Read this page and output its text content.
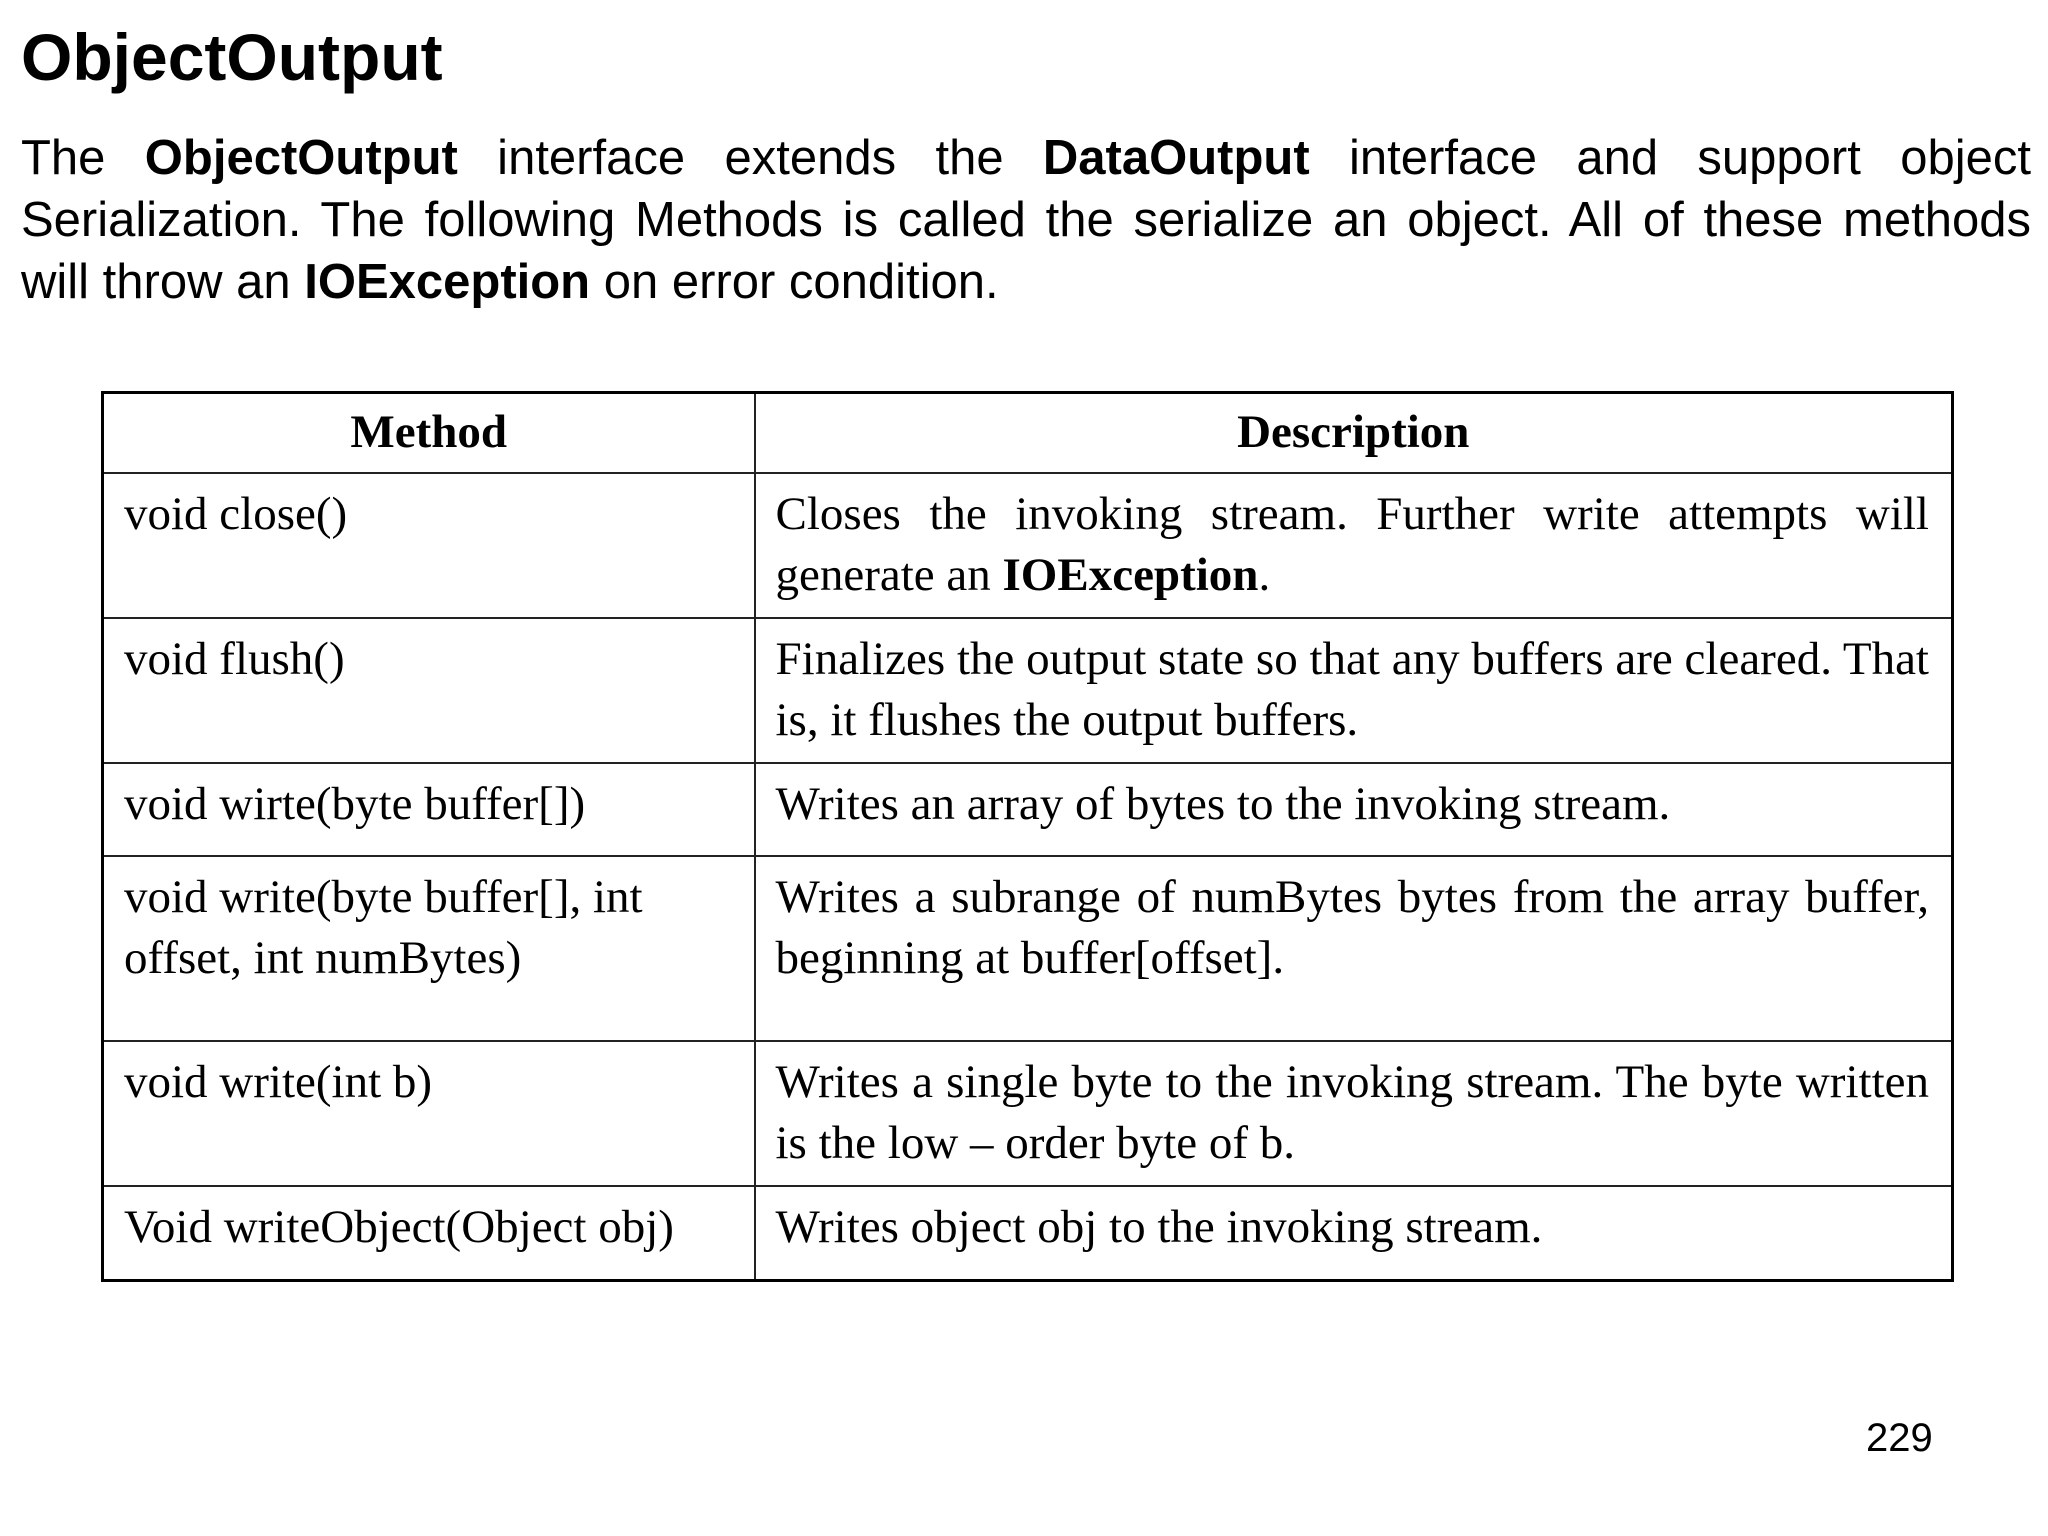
ObjectOutput

The ObjectOutput interface extends the DataOutput interface and support object Serialization. The following Methods is called the serialize an object. All of these methods will throw an IOException on error condition.

Method	Description
void close()	Closes the invoking stream. Further write attempts will generate an IOException.
void flush()	Finalizes the output state so that any buffers are cleared. That is, it flushes the output buffers.
void wirte(byte buffer[])	Writes an array of bytes to the invoking stream.
void write(byte buffer[], int offset, int numBytes)	Writes a subrange of numBytes bytes from the array buffer, beginning at buffer[offset].
void write(int b)	Writes a single byte to the invoking stream. The byte written is the low – order byte of b.
Void writeObject(Object obj)	Writes object obj to the invoking stream.
229
